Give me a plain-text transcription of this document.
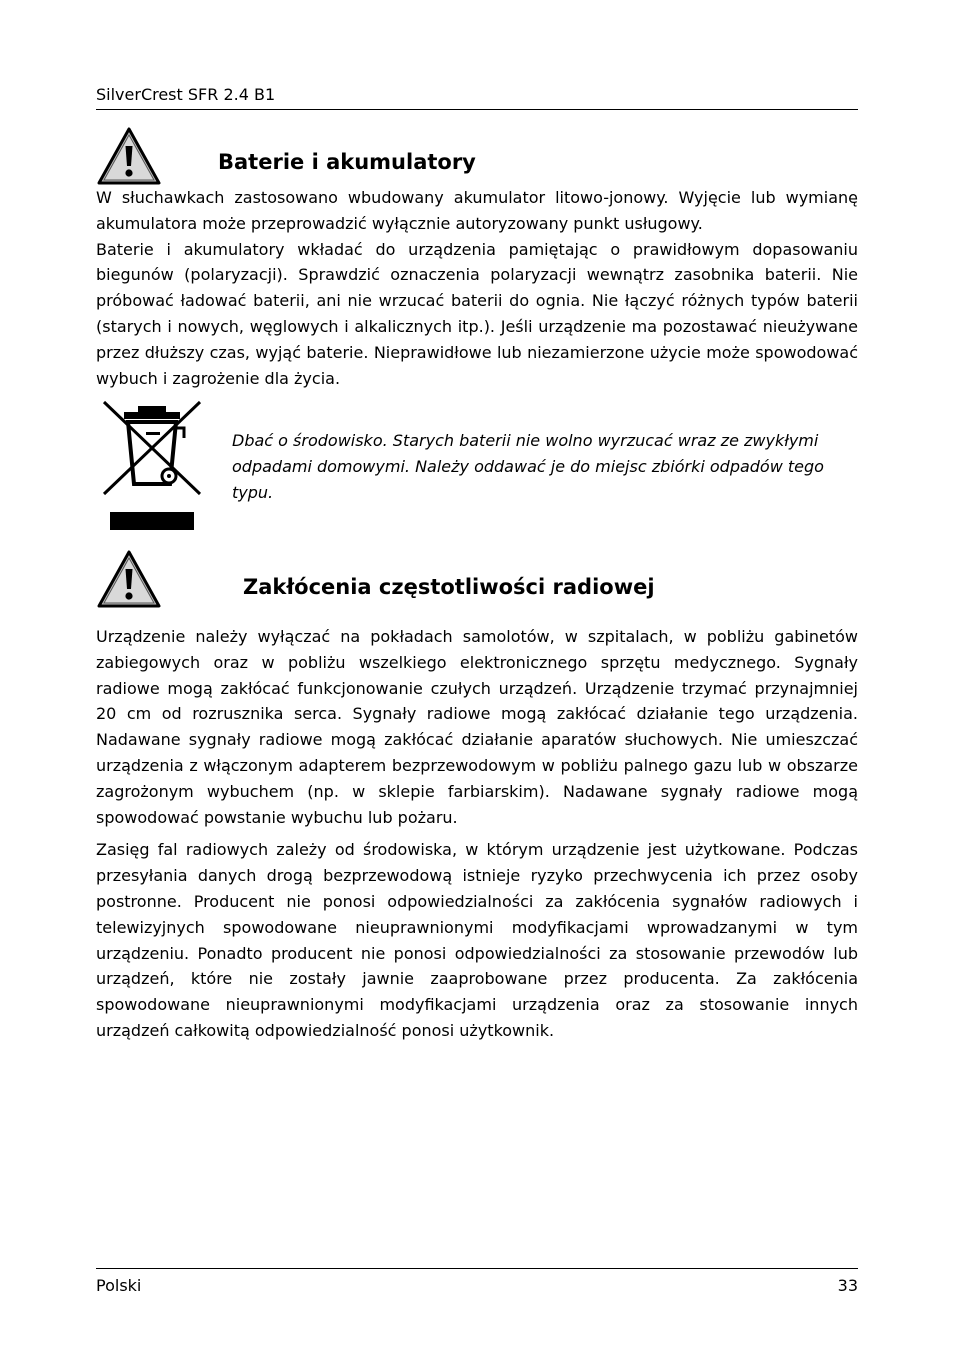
SilverCrest SFR 2.4 B1
Baterie i akumulatory

W słuchawkach zastosowano wbudowany akumulator litowo-jonowy. Wyjęcie lub wymianę akumulatora może przeprowadzić wyłącznie autoryzowany punkt usługowy.

Baterie i akumulatory wkładać do urządzenia pamiętając o prawidłowym dopasowaniu biegunów (polaryzacji). Sprawdzić oznaczenia polaryzacji wewnątrz zasobnika baterii. Nie próbować ładować baterii, ani nie wrzucać baterii do ognia. Nie łączyć różnych typów baterii (starych i nowych, węglowych i alkalicznych itp.). Jeśli urządzenie ma pozostawać nieużywane przez dłuższy czas, wyjąć baterie. Nieprawidłowe lub niezamierzone użycie może spowodować wybuch i zagrożenie dla życia.

Dbać o środowisko. Starych baterii nie wolno wyrzucać wraz ze zwykłymi odpadami domowymi. Należy oddawać je do miejsc zbiórki odpadów tego typu.
Zakłócenia częstotliwości radiowej

Urządzenie należy wyłączać na pokładach samolotów, w szpitalach, w pobliżu gabinetów zabiegowych oraz w pobliżu wszelkiego elektronicznego sprzętu medycznego. Sygnały radiowe mogą zakłócać funkcjonowanie czułych urządzeń. Urządzenie trzymać przynajmniej 20 cm od rozrusznika serca. Sygnały radiowe mogą zakłócać działanie tego urządzenia. Nadawane sygnały radiowe mogą zakłócać działanie aparatów słuchowych. Nie umieszczać urządzenia z włączonym adapterem bezprzewodowym w pobliżu palnego gazu lub w obszarze zagrożonym wybuchem (np. w sklepie farbiarskim). Nadawane sygnały radiowe mogą spowodować powstanie wybuchu lub pożaru.

Zasięg fal radiowych zależy od środowiska, w którym urządzenie jest użytkowane. Podczas przesyłania danych drogą bezprzewodową istnieje ryzyko przechwycenia ich przez osoby postronne. Producent nie ponosi odpowiedzialności za zakłócenia sygnałów radiowych i telewizyjnych spowodowane nieuprawnionymi modyfikacjami wprowadzanymi w tym urządzeniu. Ponadto producent nie ponosi odpowiedzialności za stosowanie przewodów lub urządzeń, które nie zostały jawnie zaaprobowane przez producenta. Za zakłócenia spowodowane nieuprawnionymi modyfikacjami urządzenia oraz za stosowanie innych urządzeń całkowitą odpowiedzialność ponosi użytkownik.

Polski	33
